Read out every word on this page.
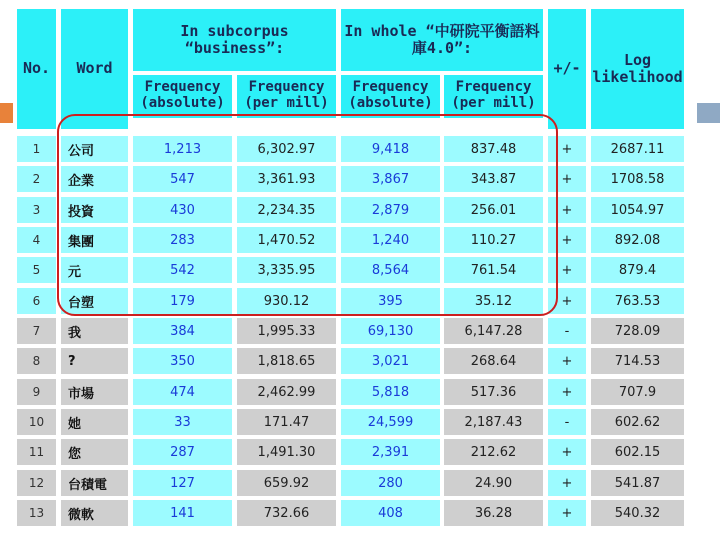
No.	Word
In subcorpus “business”:
In whole “中研院平衡語料庫4.0”:
+/-	Log likelihood
Frequency (absolute)
Frequency (per mill)
Frequency (absolute)
Frequency (per mill)
1	公司	1,213	6,302.97	9,418	837.48	+	2687.11
2	企業	547	3,361.93	3,867	343.87	+	1708.58
3	投資	430	2,234.35	2,879	256.01	+	1054.97
4	集團	283	1,470.52	1,240	110.27	+	892.08
5	元	542	3,335.95	8,564	761.54	+	879.4
6	台塑	179	930.12	395	35.12	+	763.53
7	我	384	1,995.33	69,130	6,147.28	-	728.09
8	?	350	1,818.65	3,021	268.64	+	714.53
9	市場	474	2,462.99	5,818	517.36	+	707.9
10	她	33	171.47	24,599	2,187.43	-	602.62
11	您	287	1,491.30	2,391	212.62	+	602.15
12	台積電	127	659.92	280	24.90	+	541.87
13	微軟	141	732.66	408	36.28	+	540.32
